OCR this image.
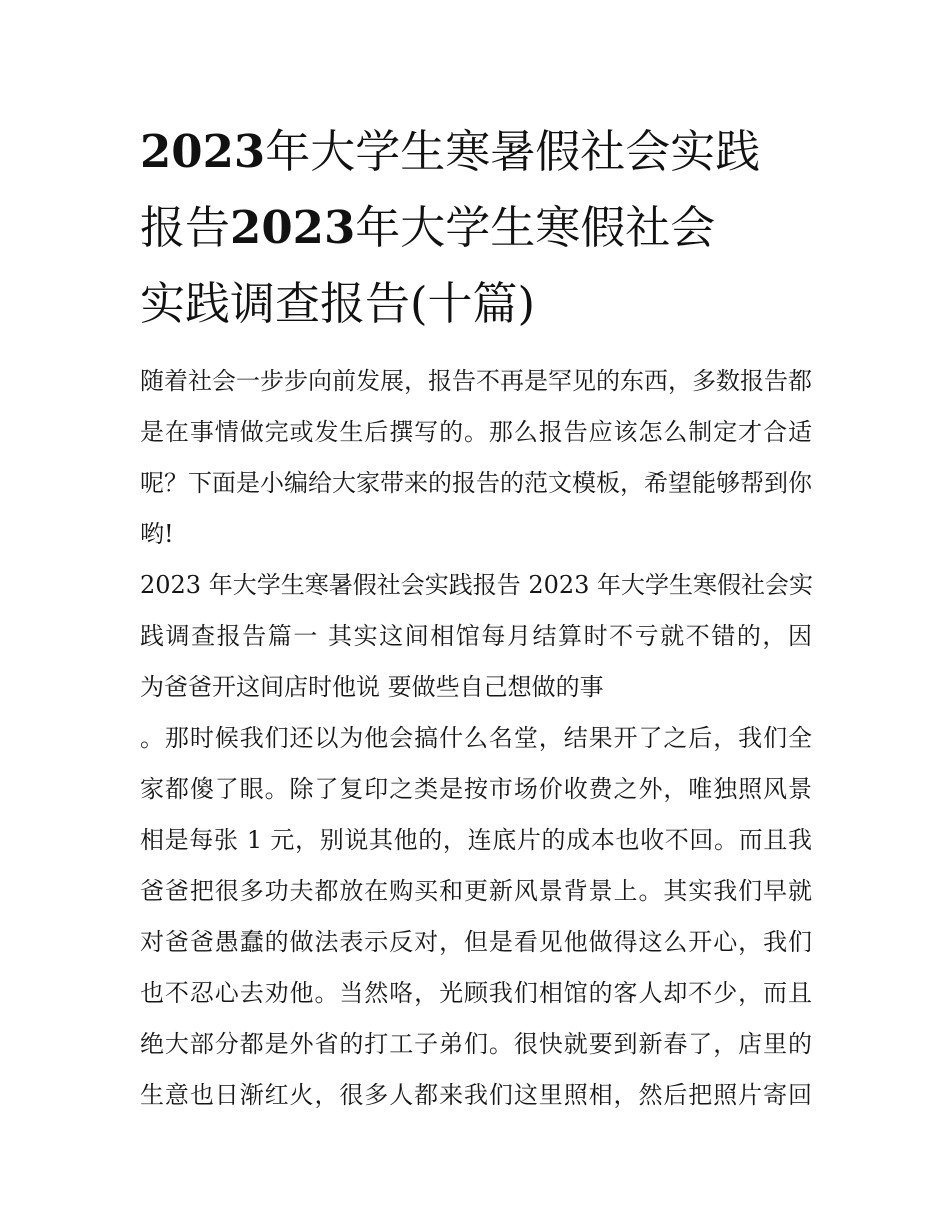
2023年大学生寒暑假社会实践
报告2023年大学生寒假社会
实践调查报告(十篇)

随着社会一步步向前发展，报告不再是罕见的东西，多数报告都是在事情做完或发生后撰写的。那么报告应该怎么制定才合适呢？下面是小编给大家带来的报告的范文模板，希望能够帮到你哟!

2023 年大学生寒暑假社会实践报告 2023 年大学生寒假社会实
践调查报告篇一 其实这间相馆每月结算时不亏就不错的，因
为爸爸开这间店时他说 要做些自己想做的事
。那时候我们还以为他会搞什么名堂，结果开了之后，我们全
家都傻了眼。除了复印之类是按市场价收费之外，唯独照风景
相是每张 1 元，别说其他的，连底片的成本也收不回。而且我
爸爸把很多功夫都放在购买和更新风景背景上。其实我们早就
对爸爸愚蠢的做法表示反对，但是看见他做得这么开心，我们
也不忍心去劝他。当然咯，光顾我们相馆的客人却不少，而且
绝大部分都是外省的打工子弟们。很快就要到新春了，店里的
生意也日渐红火，很多人都来我们这里照相，然后把照片寄回
